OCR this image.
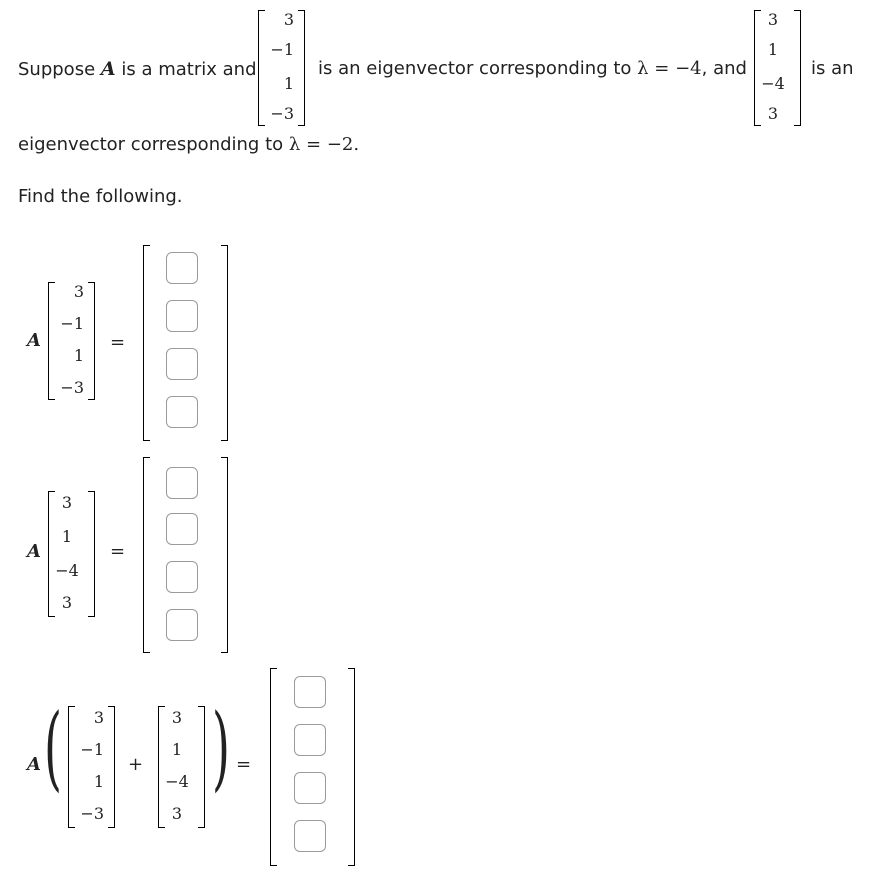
Suppose A is a matrix and
3
−1
1
−3
is an eigenvector corresponding to λ = −4, and
3
1
−4
3
is an
eigenvector corresponding to λ = −2.
Find the following.
A
3
−1
1
−3
=
A
3
1
−4
3
=
A (	3
−1
1
−3
+
3
1
−4
3
) =
